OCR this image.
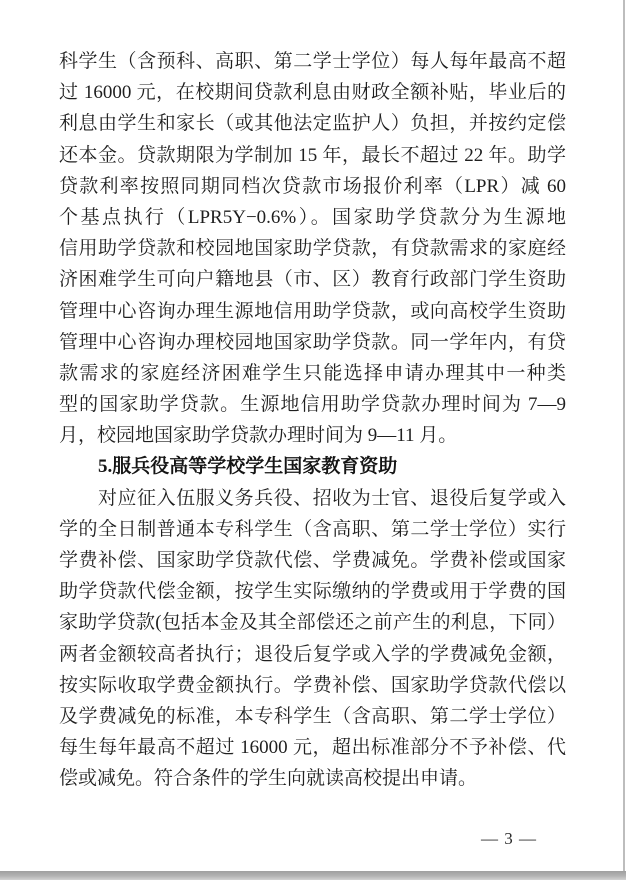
科学生（含预科、高职、第二学士学位）每人每年最高不超
过 16000 元，在校期间贷款利息由财政全额补贴，毕业后的
利息由学生和家长（或其他法定监护人）负担，并按约定偿
还本金。贷款期限为学制加 15 年，最长不超过 22 年。助学
贷款利率按照同期同档次贷款市场报价利率（LPR）减 60
个基点执行（LPR5Y−0.6%）。国家助学贷款分为生源地
信用助学贷款和校园地国家助学贷款，有贷款需求的家庭经
济困难学生可向户籍地县（市、区）教育行政部门学生资助
管理中心咨询办理生源地信用助学贷款，或向高校学生资助
管理中心咨询办理校园地国家助学贷款。同一学年内，有贷
款需求的家庭经济困难学生只能选择申请办理其中一种类
型的国家助学贷款。生源地信用助学贷款办理时间为 7—9
月，校园地国家助学贷款办理时间为 9—11 月。
5.服兵役高等学校学生国家教育资助
对应征入伍服义务兵役、招收为士官、退役后复学或入
学的全日制普通本专科学生（含高职、第二学士学位）实行
学费补偿、国家助学贷款代偿、学费减免。学费补偿或国家
助学贷款代偿金额，按学生实际缴纳的学费或用于学费的国
家助学贷款(包括本金及其全部偿还之前产生的利息，下同）
两者金额较高者执行；退役后复学或入学的学费减免金额，
按实际收取学费金额执行。学费补偿、国家助学贷款代偿以
及学费减免的标准，本专科学生（含高职、第二学士学位）
每生每年最高不超过 16000 元，超出标准部分不予补偿、代
偿或减免。符合条件的学生向就读高校提出申请。
— 3 —
